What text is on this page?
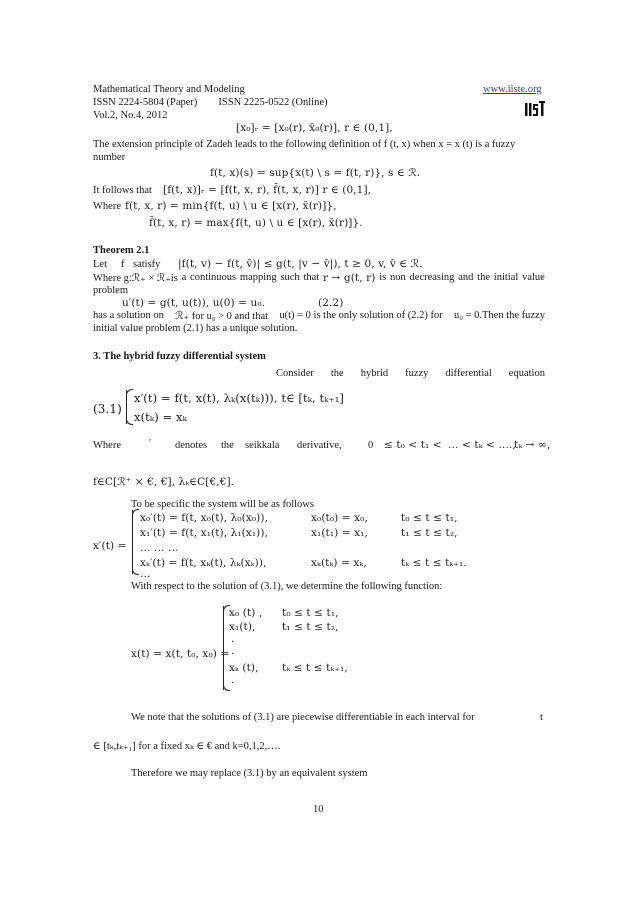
Mathematical Theory and Modeling	www.iiste.org
ISSN 2224-5804 (Paper)        ISSN 2225-0522 (Online)
Vol.2, No.4, 2012
[x₀]ᵣ = [x₀(r), x̄₀(r)], r ∈ (0,1],
The extension principle of Zadeh leads to the following definition of f (t, x) when x = x (t) is a fuzzy
number
f(t, x)(s) = sup{x(t) \ s = f(t, r)}, s ∈ ℛ.
It follows that [f(t, x)]ᵣ = [f(t, x, r), f̄(t, x, r)] r ∈ (0,1],
Where f(t, x, r) = min{f(t, u) \ u ∈ [x(r), x̄(r)]},
f̄(t, x, r) = max{f(t, u) \ u ∈ [x(r), x̄(r)]}.
Theorem 2.1
Let f satisfy |f(t, v) − f(t, v̄)| ≤ g(t, |v − v̄|), t ≥ 0, v, v̄ ∈ ℛ.
Where g:ℛ₊ × ℛ₊is a continuous mapping such that r → g(t, r) is non decreasing and the initial value
problem
u′(t) = g(t, u(t)), u(0) = u₀.	(2.2)
has a solution on ℛ₊ for u₀ > 0 and that u(t) = 0 is the only solution of (2.2) for u₀ = 0.Then the fuzzy
initial value problem (2.1) has a unique solution.
3. The hybrid fuzzy differential system
Consider the hybrid fuzzy differential equation
(3.1)
x′(t) = f(t, x(t), λₖ(x(tₖ))), t∈ [tₖ, tₖ₊₁]
x(tₖ) = xₖ
Where	′ denotes the seikkala derivative,	0 ≤ t₀ < t₁ < … < tₖ < ….,
tₖ → ∞,
f∈C[ℛ⁺ × €, €], λₖ∈C[€,€].
To be specific the system will be as follows
x′(t) =
x₀′(t) = f(t, x₀(t), λ₀(x₀)),	x₀(t₀) = x₀,	t₀ ≤ t ≤ t₁,
x₁′(t) = f(t, x₁(t), λ₁(x₁)),	x₁(t₁) = x₁,	t₁ ≤ t ≤ t₂,
… … …
xₖ′(t) = f(t, xₖ(t), λₖ(xₖ)),	xₖ(tₖ) = xₖ,	tₖ ≤ t ≤ tₖ₊₁.
…
With respect to the solution of (3.1), we determine the following function:
x(t) = x(t, t₀, x₀) =
x₀ (t) , t₀ ≤ t ≤ t₁,
x₁(t),	t₁ ≤ t ≤ t₂,
.
.
xₖ (t), tₖ ≤ t ≤ tₖ₊₁,
.
We note that the solutions of (3.1) are piecewise differentiable in each interval for	t
∈ [tₖ,tₖ₊₁] for a fixed xₖ ∈ € and k=0,1,2,….
Therefore we may replace (3.1) by an equivalent system
10
